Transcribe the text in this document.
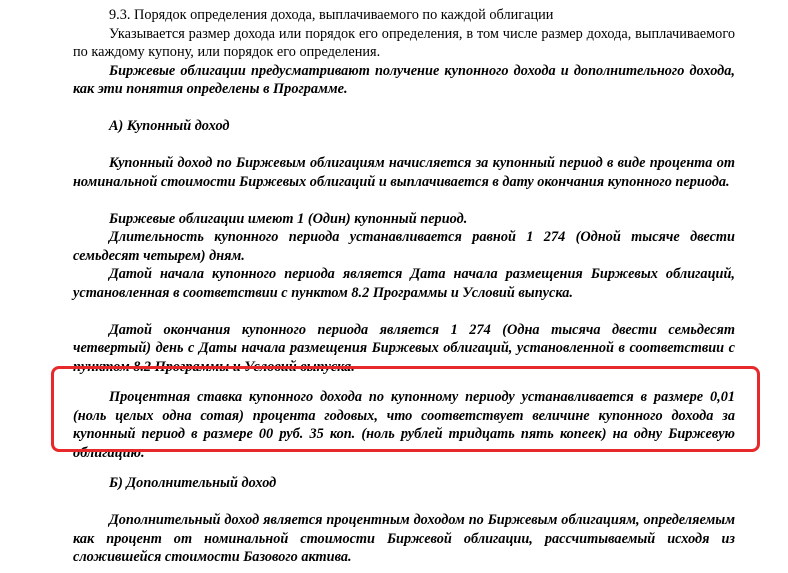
9.3. Порядок определения дохода, выплачиваемого по каждой облигации

Указывается размер дохода или порядок его определения, в том числе размер дохода, выплачиваемого по каждому купону, или порядок его определения.

Биржевые облигации предусматривают получение купонного дохода и дополнительного дохода, как эти понятия определены в Программе.

А) Купонный доход

Купонный доход по Биржевым облигациям начисляется за купонный период в виде процента от номинальной стоимости Биржевых облигаций и выплачивается в дату окончания купонного периода.

Биржевые облигации имеют 1 (Один) купонный период.

Длительность купонного периода устанавливается равной 1 274 (Одной тысяче двести семьдесят четырем) дням.

Датой начала купонного периода является Дата начала размещения Биржевых облигаций, установленная в соответствии с пунктом 8.2 Программы и Условий выпуска.

Датой окончания купонного периода является 1 274 (Одна тысяча двести семьдесят четвертый) день с Даты начала размещения Биржевых облигаций, установленной в соответствии с пунктом 8.2 Программы и Условий выпуска.

Процентная ставка купонного дохода по купонному периоду устанавливается в размере 0,01 (ноль целых одна сотая) процента годовых, что соответствует величине купонного дохода за купонный период в размере 00 руб. 35 коп. (ноль рублей тридцать пять копеек) на одну Биржевую облигацию.

Б) Дополнительный доход

Дополнительный доход является процентным доходом по Биржевым облигациям, определяемым как процент от номинальной стоимости Биржевой облигации, рассчитываемый исходя из сложившейся стоимости Базового актива.
